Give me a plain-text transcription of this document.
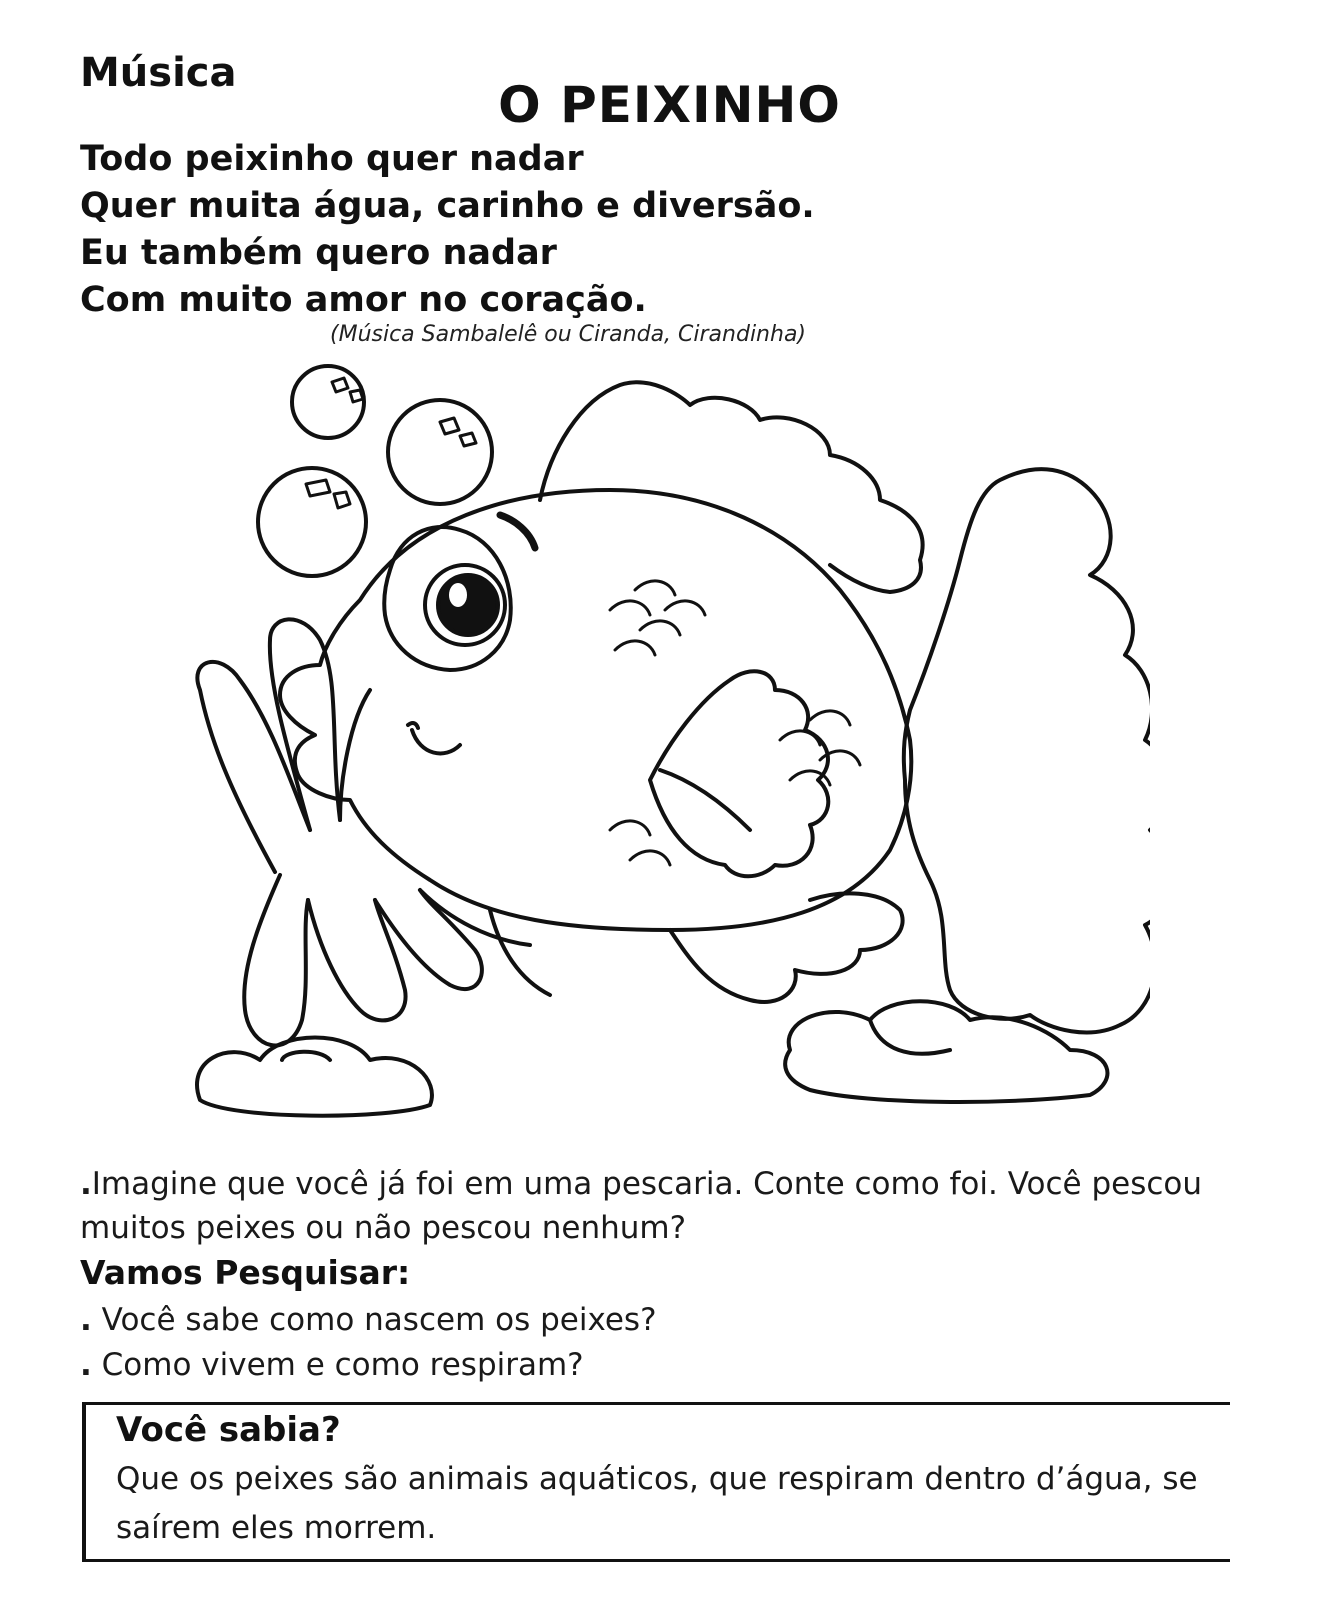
Música
O PEIXINHO
Todo peixinho quer nadar
Quer muita água, carinho e diversão.
Eu também quero nadar
Com muito amor no coração.
(Música Sambalelê ou Ciranda, Cirandinha)
.Imagine que você já foi em uma pescaria. Conte como foi. Você pescou muitos peixes ou não pescou nenhum?
Vamos Pesquisar:
. Você sabe como nascem os peixes?
. Como vivem e como respiram?
Você sabia?
Que os peixes são animais aquáticos, que respiram dentro d’água, se saírem eles morrem.
